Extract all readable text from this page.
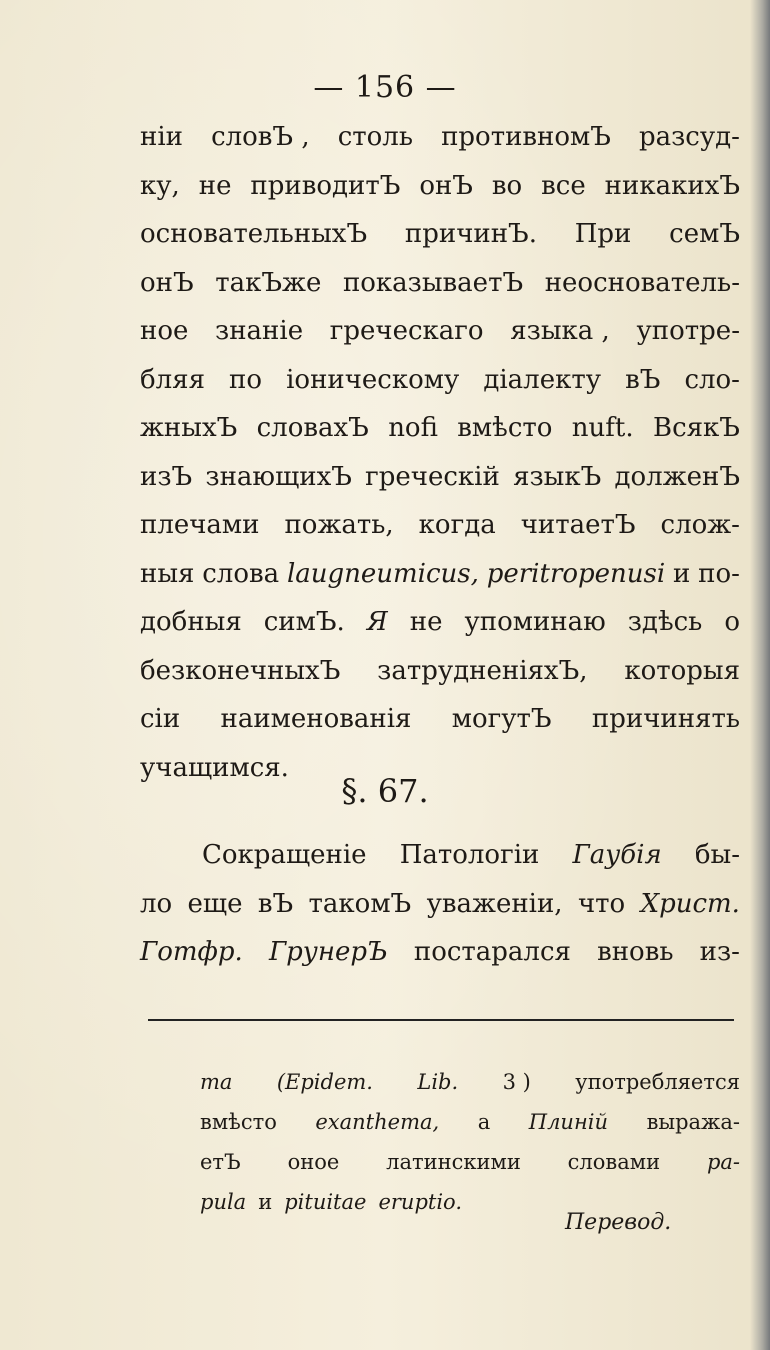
— 156 —
ніи словЪ , столь противномЪ разсуд-
ку, не приводитЪ онЪ во все никакихЪ
основательныхЪ причинЪ. При семЪ
онЪ такЪже показываетЪ неоснователь-
ное знаніе греческаго языка , употре-
бляя по іоническому діалекту вЪ сло-
жныхЪ словахЪ nofi вмѣсто nuft. ВсякЪ
изЪ знающихЪ греческій языкЪ долженЪ
плечами пожать, когда читаетЪ слож-
ныя слова laugneumicus, peritropenusi и по-
добныя симЪ. Я не упоминаю здѣсь о
безконечныхЪ затрудненіяхЪ, которыя
сіи наименованія могутЪ причинять
учащимся.
§. 67.
Сокращеніе Патологіи Гаубія бы-
ло еще вЪ такомЪ уваженіи, что Христ.
Готфр. ГрунерЪ постарался вновь из-
ma (Epidem. Lib. 3 ) употребляется
вмѣсто exanthema, а Плиній выража-
етЪ оное латинскими словами pa-
pula и pituitae eruptio.
Перевод.
